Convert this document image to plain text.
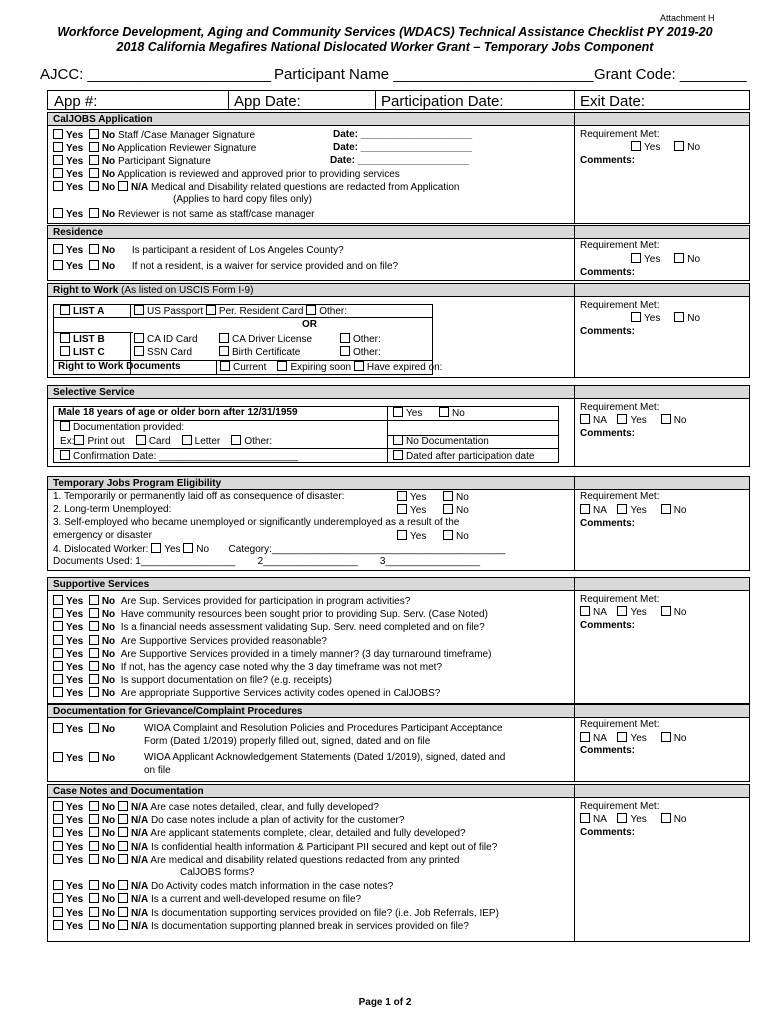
Attachment H
Workforce Development, Aging and Community Services (WDACS) Technical Assistance Checklist PY 2019-20
2018 California Megafires National Dislocated Worker Grant – Temporary Jobs Component
AJCC: ______________________ Participant Name ________________________ Grant Code: ________
App #:	App Date:	Participation Date:	Exit Date:
CalJOBS Application
Yes No Staff /Case Manager Signature	Date: ____________________
Yes No Application Reviewer Signature	Date: ____________________
Yes No Participant Signature	Date: ____________________
Yes No Application is reviewed and approved prior to providing services
Yes No N/A Medical and Disability related questions are redacted from Application
(Applies to hard copy files only)
Yes No Reviewer is not same as staff/case manager
Requirement Met:
Yes	No
Comments:
Residence
Yes No Is participant a resident of Los Angeles County?
Yes No If not a resident, is a waiver for service provided and on file?
Requirement Met:
Yes	No
Comments:
Right to Work (As listed on USCIS Form I-9)
LIST A	US Passport Per. Resident Card Other:
OR
LIST B	CA ID Card	CA Driver License	Other:
LIST C	SSN Card	Birth Certificate	Other:
Right to Work Documents	Current Expiring soon Have expired on:
Requirement Met:
Yes	No
Comments:
Selective Service
Male 18 years of age or older born after 12/31/1959	Yes	No
Documentation provided:
Ex: Print out Card Letter Other:	No Documentation
Confirmation Date: _________________________	Dated after participation date
Requirement Met:
NA Yes	No
Comments:
Temporary Jobs Program Eligibility
1. Temporarily or permanently laid off as consequence of disaster:	Yes	No
2. Long-term Unemployed:	Yes	No
3. Self-employed who became unemployed or significantly underemployed as a result of the
emergency or disaster	Yes	No
4. Dislocated Worker: Yes No Category:__________________________________________
Documents Used: 1_________________        2_________________        3_________________
Requirement Met:
NA Yes	No
Comments:
Supportive Services
Yes No Are Sup. Services provided for participation in program activities?
Yes No Have community resources been sought prior to providing Sup. Serv. (Case Noted)
Yes No Is a financial needs assessment validating Sup. Serv. need completed and on file?
Yes No Are Supportive Services provided reasonable?
Yes No Are Supportive Services provided in a timely manner? (3 day turnaround timeframe)
Yes No If not, has the agency case noted why the 3 day timeframe was not met?
Yes No Is support documentation on file? (e.g. receipts)
Yes No Are appropriate Supportive Services activity codes opened in CalJOBS?
Requirement Met:
NA Yes	No
Comments:
Documentation for Grievance/Complaint Procedures
Yes No	WIOA Complaint and Resolution Policies and Procedures Participant Acceptance
Form (Dated 1/2019) properly filled out, signed, dated and on file
Yes No	WIOA Applicant Acknowledgement Statements (Dated 1/2019), signed, dated and
on file
Requirement Met:
NA Yes	No
Comments:
Case Notes and Documentation
Yes No N/A Are case notes detailed, clear, and fully developed?
Yes No N/A Do case notes include a plan of activity for the customer?
Yes No N/A Are applicant statements complete, clear, detailed and fully developed?
Yes No N/A Is confidential health information & Participant PII secured and kept out of file?
Yes No N/A Are medical and disability related questions redacted from any printed
CalJOBS forms?
Yes No N/A Do Activity codes match information in the case notes?
Yes No N/A Is a current and well-developed resume on file?
Yes No N/A Is documentation supporting services provided on file? (i.e. Job Referrals, IEP)
Yes No N/A Is documentation supporting planned break in services provided on file?
Requirement Met:
NA Yes	No
Comments:
Page 1 of 2
